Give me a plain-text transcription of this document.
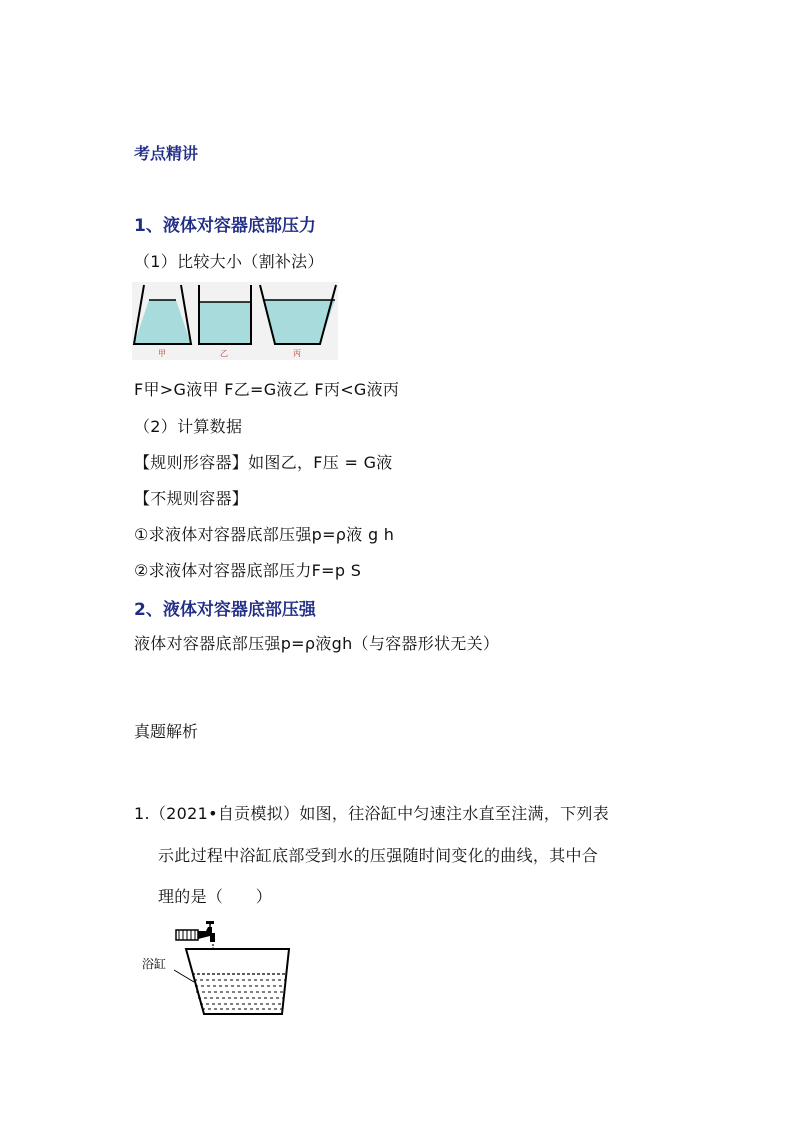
考点精讲
1、液体对容器底部压力
（1）比较大小（割补法）
甲	乙	丙
F甲>G液甲 F乙=G液乙 F丙<G液丙
（2）计算数据
【规则形容器】如图乙，F压 = G液
【不规则容器】
①求液体对容器底部压强p=ρ液 g h
②求液体对容器底部压力F=p S
2、液体对容器底部压强
液体对容器底部压强p=ρ液gh（与容器形状无关）
真题解析
1.（2021•自贡模拟）如图，往浴缸中匀速注水直至注满，下列表
示此过程中浴缸底部受到水的压强随时间变化的曲线，其中合
理的是（　　）
浴缸
